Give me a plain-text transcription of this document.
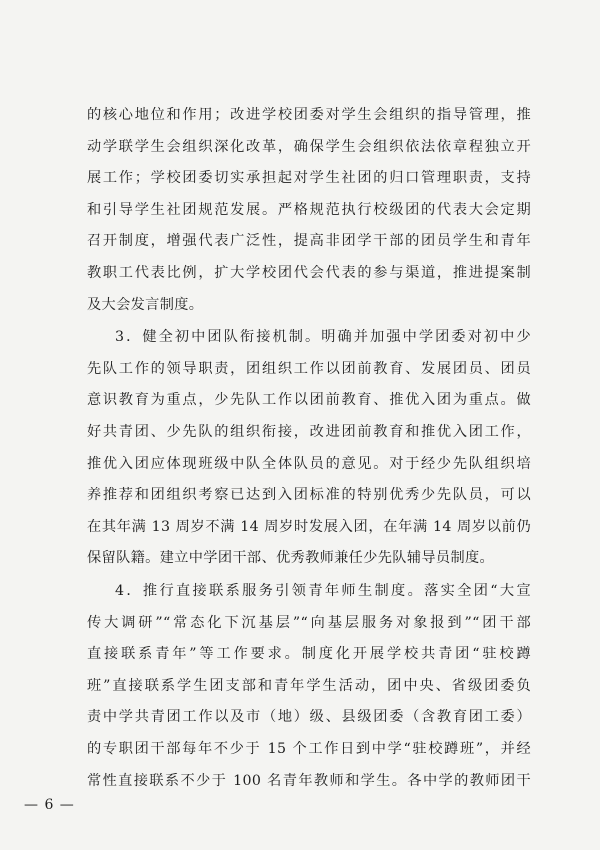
的核心地位和作用；改进学校团委对学生会组织的指导管理，推
动学联学生会组织深化改革，确保学生会组织依法依章程独立开
展工作；学校团委切实承担起对学生社团的归口管理职责，支持
和引导学生社团规范发展。严格规范执行校级团的代表大会定期
召开制度，增强代表广泛性，提高非团学干部的团员学生和青年
教职工代表比例，扩大学校团代会代表的参与渠道，推进提案制
及大会发言制度。
3．健全初中团队衔接机制。明确并加强中学团委对初中少
先队工作的领导职责，团组织工作以团前教育、发展团员、团员
意识教育为重点，少先队工作以团前教育、推优入团为重点。做
好共青团、少先队的组织衔接，改进团前教育和推优入团工作，
推优入团应体现班级中队全体队员的意见。对于经少先队组织培
养推荐和团组织考察已达到入团标准的特别优秀少先队员，可以
在其年满 13 周岁不满 14 周岁时发展入团，在年满 14 周岁以前仍
保留队籍。建立中学团干部、优秀教师兼任少先队辅导员制度。
4．推行直接联系服务引领青年师生制度。落实全团“大宣
传大调研”“常态化下沉基层”“向基层服务对象报到”“团干部
直接联系青年”等工作要求。制度化开展学校共青团“驻校蹲
班”直接联系学生团支部和青年学生活动，团中央、省级团委负
责中学共青团工作以及市（地）级、县级团委（含教育团工委）
的专职团干部每年不少于 15 个工作日到中学“驻校蹲班”，并经
常性直接联系不少于 100 名青年教师和学生。各中学的教师团干
— 6 —
